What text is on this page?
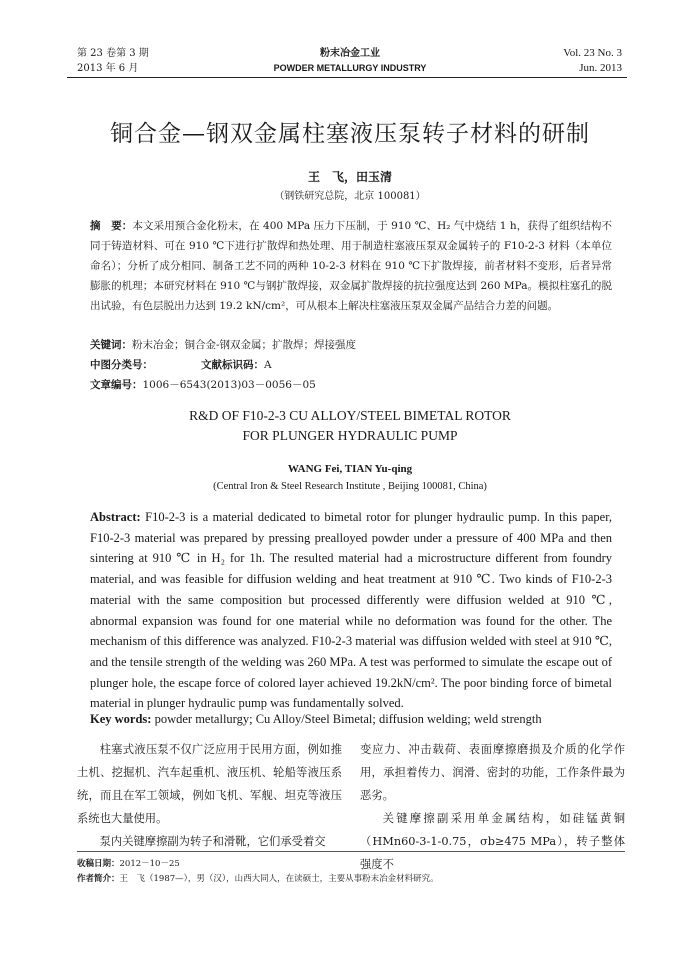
第 23 卷第 3 期
2013 年 6 月
粉末冶金工业
POWDER METALLURGY INDUSTRY
Vol. 23 No. 3
Jun. 2013
铜合金—钢双金属柱塞液压泵转子材料的研制
王　飞，田玉清
（钢铁研究总院，北京 100081）
摘　要：本文采用预合金化粉末，在 400 MPa 压力下压制，于 910 ℃、H₂ 气中烧结 1 h，获得了组织结构不同于铸造材料、可在 910 ℃下进行扩散焊和热处理、用于制造柱塞液压泵双金属转子的 F10-2-3 材料（本单位命名）；分析了成分相同、制备工艺不同的两种 10-2-3 材料在 910 ℃下扩散焊接，前者材料不变形，后者异常膨胀的机理；本研究材料在 910 ℃与钢扩散焊接，双金属扩散焊接的抗拉强度达到 260 MPa。模拟柱塞孔的脱出试验，有色层脱出力达到 19.2 kN/cm²，可从根本上解决柱塞液压泵双金属产品结合力差的问题。
关键词：粉末冶金；铜合金-钢双金属；扩散焊；焊接强度
中图分类号：	文献标识码：A
文章编号：1006－6543(2013)03－0056－05
R&D OF F10-2-3 CU ALLOY/STEEL BIMETAL ROTOR
FOR PLUNGER HYDRAULIC PUMP
WANG Fei, TIAN Yu-qing
(Central Iron & Steel Research Institute , Beijing 100081, China)
Abstract: F10-2-3 is a material dedicated to bimetal rotor for plunger hydraulic pump. In this paper, F10-2-3 material was prepared by pressing prealloyed powder under a pressure of 400 MPa and then sintering at 910 ℃ in H₂ for 1h. The resulted material had a microstructure different from foundry material, and was feasible for diffusion welding and heat treatment at 910 ℃. Two kinds of F10-2-3 material with the same composition but processed differently were diffusion welded at 910 ℃, abnormal expansion was found for one material while no deformation was found for the other. The mechanism of this difference was analyzed. F10-2-3 material was diffusion welded with steel at 910 ℃, and the tensile strength of the welding was 260 MPa. A test was performed to simulate the escape out of plunger hole, the escape force of colored layer achieved 19.2kN/cm². The poor binding force of bimetal material in plunger hydraulic pump was fundamentally solved.
Key words: powder metallurgy; Cu Alloy/Steel Bimetal; diffusion welding; weld strength
柱塞式液压泵不仅广泛应用于民用方面，例如推土机、挖掘机、汽车起重机、液压机、轮船等液压系统，而且在军工领域，例如飞机、军舰、坦克等液压系统也大量使用。
泵内关键摩擦副为转子和滑靴，它们承受着交
变应力、冲击载荷、表面摩擦磨损及介质的化学作用，承担着传力、润滑、密封的功能，工作条件最为恶劣。
关键摩擦副采用单金属结构，如硅锰黄铜（HMn60-3-1-0.75，σb≥475 MPa），转子整体强度不
收稿日期：2012－10－25
作者简介：王　飞（1987—），男（汉），山西大同人，在读硕士，主要从事粉末冶金材料研究。
